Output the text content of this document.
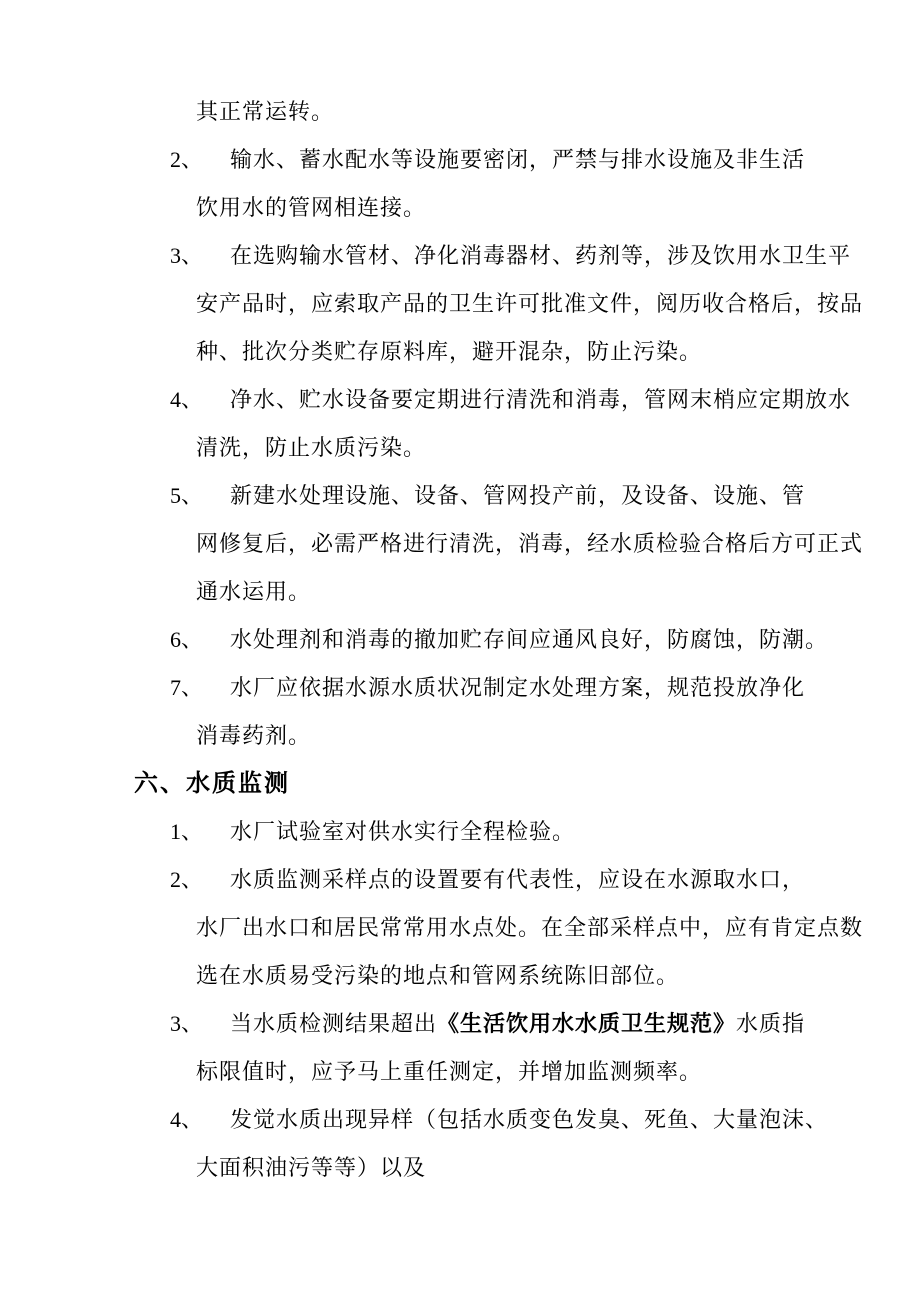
其正常运转。
2、 输水、蓄水配水等设施要密闭，严禁与排水设施及非生活
饮用水的管网相连接。
3、 在选购输水管材、净化消毒器材、药剂等，涉及饮用水卫生平
安产品时，应索取产品的卫生许可批准文件，阅历收合格后，按品
种、批次分类贮存原料库，避开混杂，防止污染。
4、 净水、贮水设备要定期进行清洗和消毒，管网末梢应定期放水
清洗，防止水质污染。
5、 新建水处理设施、设备、管网投产前，及设备、设施、管
网修复后，必需严格进行清洗，消毒，经水质检验合格后方可正式
通水运用。
6、 水处理剂和消毒的撤加贮存间应通风良好，防腐蚀，防潮。
7、 水厂应依据水源水质状况制定水处理方案，规范投放净化
消毒药剂。
六、水质监测
1、 水厂试验室对供水实行全程检验。
2、 水质监测采样点的设置要有代表性，应设在水源取水口，
水厂出水口和居民常常用水点处。在全部采样点中，应有肯定点数
选在水质易受污染的地点和管网系统陈旧部位。
3、 当水质检测结果超出《生活饮用水水质卫生规范》水质指
标限值时，应予马上重任测定，并增加监测频率。
4、 发觉水质出现异样（包括水质变色发臭、死鱼、大量泡沫、
大面积油污等等）以及
